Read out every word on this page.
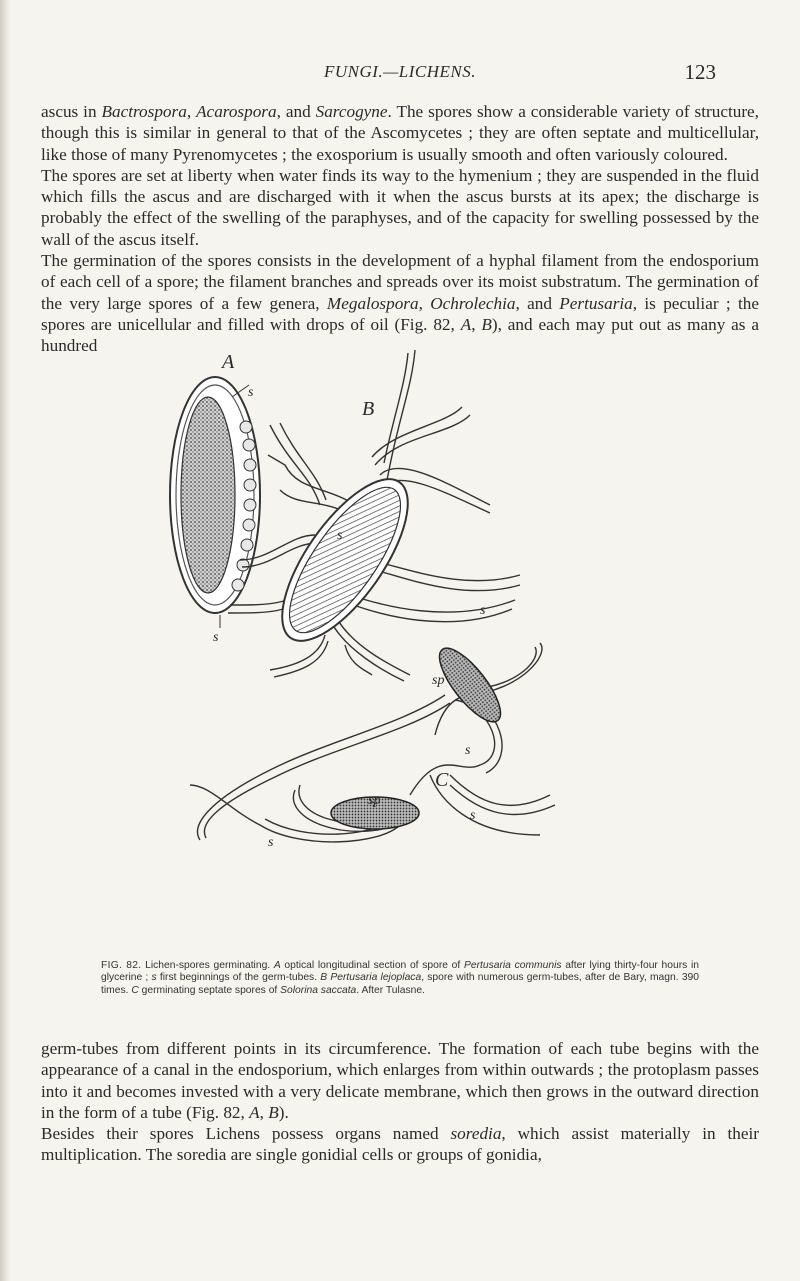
FUNGI.—LICHENS.	123

ascus in Bactrospora, Acarospora, and Sarcogyne. The spores show a considerable variety of structure, though this is similar in general to that of the Ascomycetes ; they are often septate and multicellular, like those of many Pyrenomycetes ; the exosporium is usually smooth and often variously coloured.

The spores are set at liberty when water finds its way to the hymenium ; they are suspended in the fluid which fills the ascus and are discharged with it when the ascus bursts at its apex; the discharge is probably the effect of the swelling of the paraphyses, and of the capacity for swelling possessed by the wall of the ascus itself.

The germination of the spores consists in the development of a hyphal filament from the endosporium of each cell of a spore; the filament branches and spreads over its moist substratum. The germination of the very large spores of a few genera, Megalospora, Ochrolechia, and Pertusaria, is peculiar ; the spores are unicellular and filled with drops of oil (Fig. 82, A, B), and each may put out as many as a hundred

A
s
s
B
s
s
sp
s
C
sp
s
s
FIG. 82. Lichen-spores germinating. A optical longitudinal section of spore of Pertusaria communis after lying thirty-four hours in glycerine ; s first beginnings of the germ-tubes. B Pertusaria lejoplaca, spore with numerous germ-tubes, after de Bary, magn. 390 times. C germinating septate spores of Solorina saccata. After Tulasne.

germ-tubes from different points in its circumference. The formation of each tube begins with the appearance of a canal in the endosporium, which enlarges from within outwards ; the protoplasm passes into it and becomes invested with a very delicate membrane, which then grows in the outward direction in the form of a tube (Fig. 82, A, B).

Besides their spores Lichens possess organs named soredia, which assist materially in their multiplication. The soredia are single gonidial cells or groups of gonidia,
